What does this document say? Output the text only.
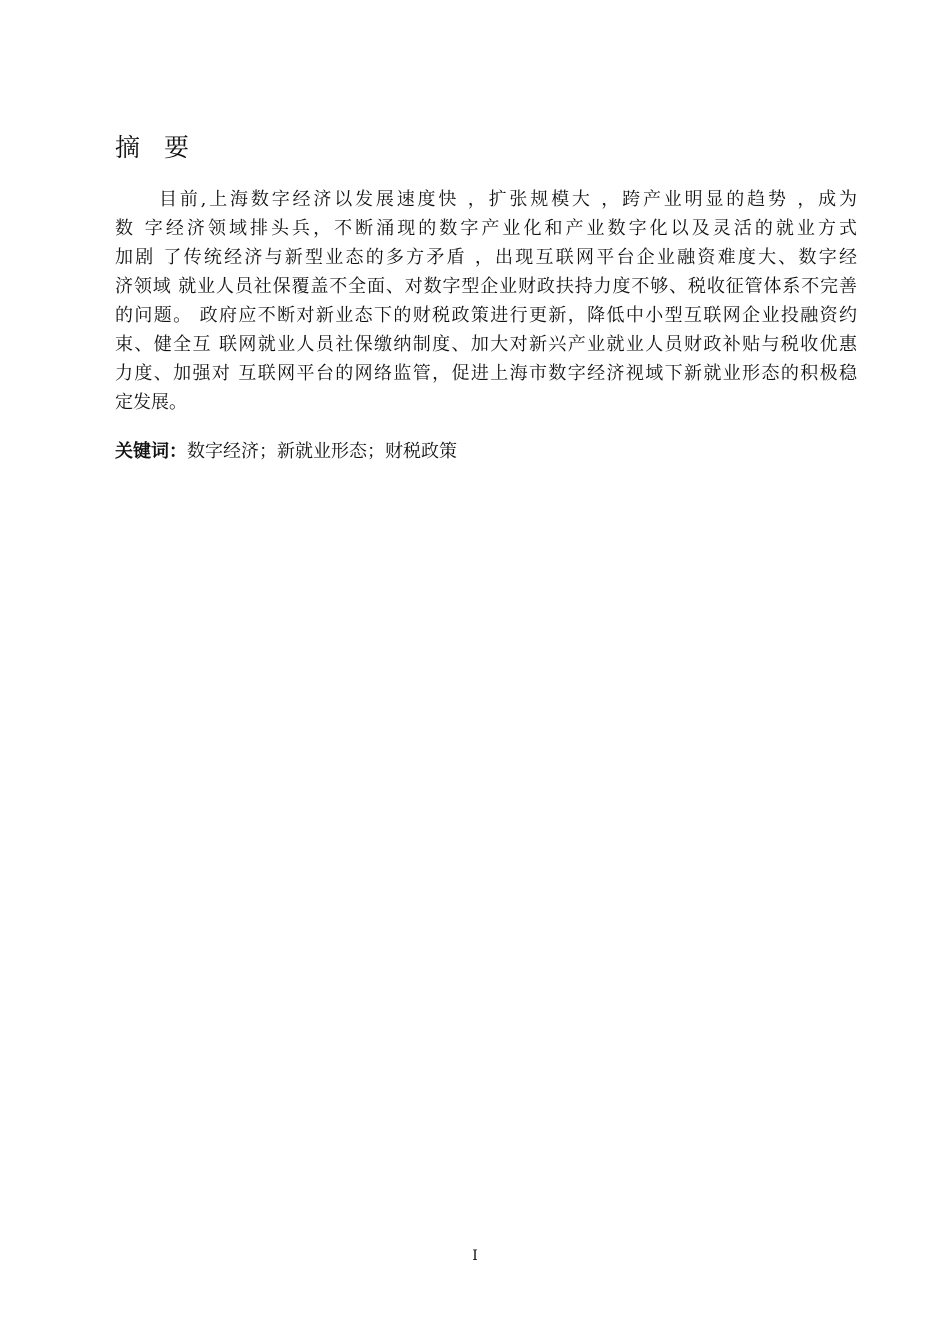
摘 要
目前,上海数字经济以发展速度快 ，扩张规模大 ，跨产业明显的趋势 ，成为
数 字经济领域排头兵，不断涌现的数字产业化和产业数字化以及灵活的就业方式
加剧 了传统经济与新型业态的多方矛盾 ，出现互联网平台企业融资难度大、数字经
济领域 就业人员社保覆盖不全面、对数字型企业财政扶持力度不够、税收征管体系不完善
的问题。 政府应不断对新业态下的财税政策进行更新，降低中小型互联网企业投融资约
束、健全互 联网就业人员社保缴纳制度、加大对新兴产业就业人员财政补贴与税收优惠
力度、加强对 互联网平台的网络监管，促进上海市数字经济视域下新就业形态的积极稳
定发展。
关键词：数字经济；新就业形态；财税政策
I
